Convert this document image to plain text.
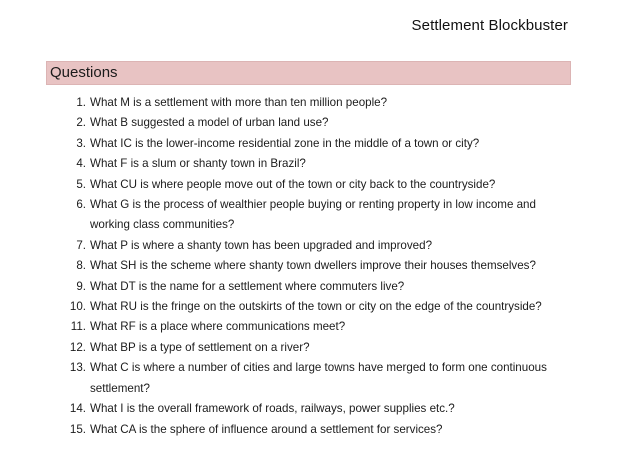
Settlement Blockbuster
Questions
1. What M is a settlement with more than ten million people?
2. What B suggested a model of urban land use?
3. What IC is the lower-income residential zone in the middle of a town or city?
4. What F is a slum or shanty town in Brazil?
5. What CU is where people move out of the town or city back to the countryside?
6. What G is the process of wealthier people buying or renting property in low income and working class communities?
7. What P is where a shanty town has been upgraded and improved?
8. What SH is the scheme where shanty town dwellers improve their houses themselves?
9. What DT is the name for a settlement where commuters live?
10. What RU is the fringe on the outskirts of the town or city on the edge of the countryside?
11. What RF is a place where communications meet?
12. What BP is a type of settlement on a river?
13. What C is where a number of cities and large towns have merged to form one continuous settlement?
14. What I is the overall framework of roads, railways, power supplies etc.?
15. What CA is the sphere of influence around a settlement for services?
